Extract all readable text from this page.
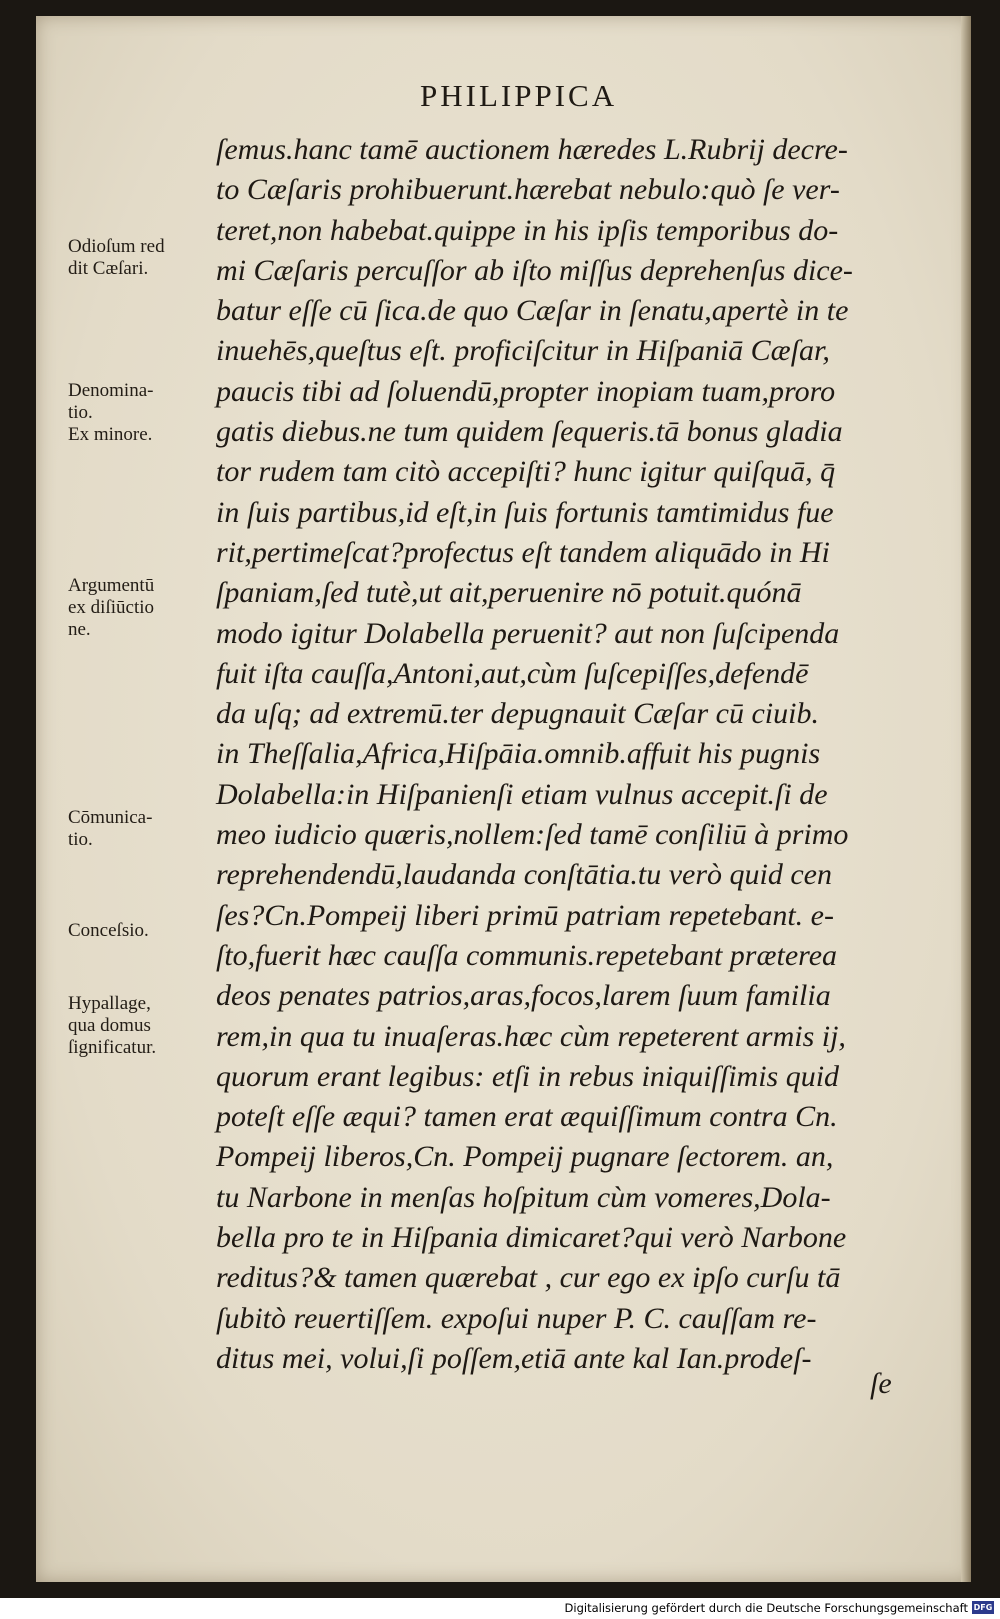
PHILIPPICA
ſemus.hanc tamē auctionem hæredes L.Rubrij decre-
to Cæſaris prohibuerunt.hærebat nebulo:quò ſe ver-
teret,non habebat.quippe in his ipſis temporibus do-
mi Cæſaris percuſſor ab iſto miſſus deprehenſus dice-
batur eſſe cū ſica.de quo Cæſar in ſenatu,apertè in te
inuehēs,queſtus eſt. proficiſcitur in Hiſpaniā Cæſar,
paucis tibi ad ſoluendū,propter inopiam tuam,proro
gatis diebus.ne tum quidem ſequeris.tā bonus gladia
tor rudem tam citò accepiſti? hunc igitur quiſquā, q̄
in ſuis partibus,id eſt,in ſuis fortunis tamtimidus fue
rit,pertimeſcat?profectus eſt tandem aliquādo in Hi
ſpaniam,ſed tutè,ut ait,peruenire nō potuit.quónā
modo igitur Dolabella peruenit? aut non ſuſcipenda
fuit iſta cauſſa,Antoni,aut,cùm ſuſcepiſſes,defendē
da uſq; ad extremū.ter depugnauit Cæſar cū ciuib.
in Theſſalia,Africa,Hiſpāia.omnib.affuit his pugnis
Dolabella:in Hiſpanienſi etiam vulnus accepit.ſi de
meo iudicio quæris,nollem:ſed tamē conſiliū à primo
reprehendendū,laudanda conſtātia.tu verò quid cen
ſes?Cn.Pompeij liberi primū patriam repetebant. e-
ſto,fuerit hæc cauſſa communis.repetebant præterea
deos penates patrios,aras,focos,larem ſuum familia
rem,in qua tu inuaſeras.hæc cùm repeterent armis ij,
quorum erant legibus: etſi in rebus iniquiſſimis quid
poteſt eſſe æqui? tamen erat æquiſſimum contra Cn.
Pompeij liberos,Cn. Pompeij pugnare ſectorem. an,
tu Narbone in menſas hoſpitum cùm vomeres,Dola-
bella pro te in Hiſpania dimicaret?qui verò Narbone
reditus?& tamen quærebat , cur ego ex ipſo curſu tā
ſubitò reuertiſſem. expoſui nuper P. C. cauſſam re-
ditus mei, volui,ſi poſſem,etiā ante kal Ian.prodeſ-
ſe
Odioſum red
dit Cæſari.
Denomina-
tio.
Ex minore.
Argumentū
ex diſiūctio
ne.
Cōmunica-
tio.
Conceſsio.
Hypallage,
qua domus
ſignificatur.
Digitalisierung gefördert durch die Deutsche Forschungsgemeinschaft DFG
